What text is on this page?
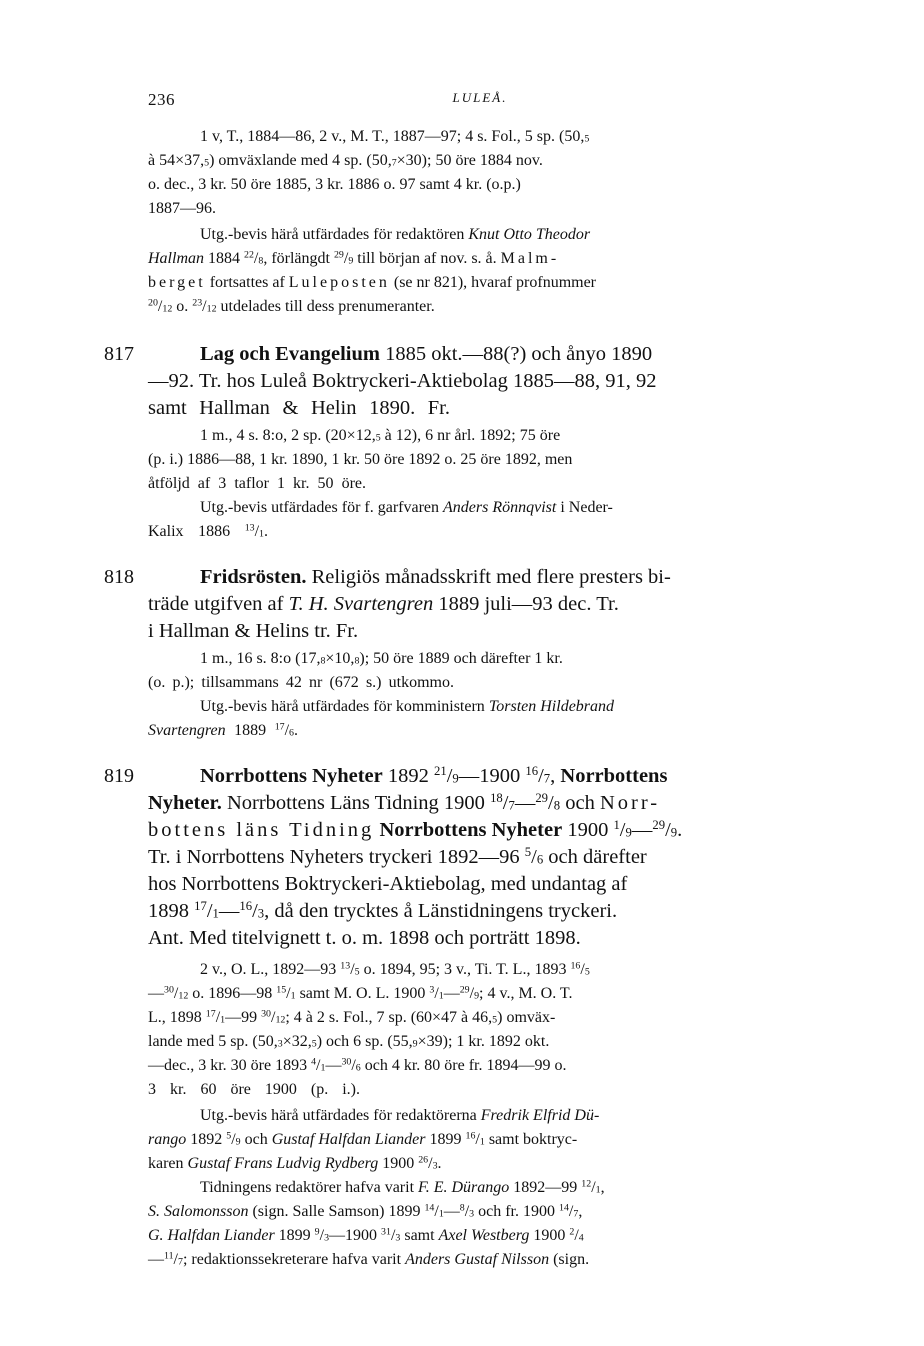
236	LULEÅ.
817
818
819
1 v, T., 1884—86, 2 v., M. T., 1887—97; 4 s. Fol., 5 sp. ($50,_5$
à $54\times 37,_5$) omväxlande med 4 sp. $(50,_7\times 30)$; 50 öre 1884 nov.
o. dec., 3 kr. 50 öre 1885, 3 kr. 1886 o. 97 samt 4 kr. (o.p.)
1887—96.
Utg.-bevis härå utfärdades för redaktören Knut Otto Theodor
Hallman 1884 $^{22}/_8$, förlängdt $^{29}/_9$ till början af nov. s. å. Malm-
berget fortsattes af Luleposten (se nr 821), hvaraf profnummer
$^{20}/_{12}$ o. $^{23}/_{12}$ utdelades till dess prenumeranter.
Lag och Evangelium 1885 okt.—88(?) och ånyo 1890
—92. Tr. hos Luleå Boktryckeri-Aktiebolag 1885—88, 91, 92
samt Hallman & Helin 1890. Fr.
1 m., 4 s. 8:o, 2 sp. ($20\times 12,_5$ à 12), 6 nr årl. 1892; 75 öre
(p. i.) 1886—88, 1 kr. 1890, 1 kr. 50 öre 1892 o. 25 öre 1892, men
åtföljd af 3 taflor 1 kr. 50 öre.
Utg.-bevis utfärdades för f. garfvaren Anders Rönnqvist i Neder-
Kalix 1886 $^{13}/_1$.
Fridsrösten. Religiös månadsskrift med flere presters bi-
träde utgifven af T. H. Svartengren 1889 juli—93 dec. Tr.
i Hallman & Helins tr. Fr.
1 m., 16 s. 8:o $(17,_8\times 10,_8)$; 50 öre 1889 och därefter 1 kr.
(o. p.); tillsammans 42 nr (672 s.) utkommo.
Utg.-bevis härå utfärdades för komministern Torsten Hildebrand
Svartengren 1889 $^{17}/_6$.
Norrbottens Nyheter 1892 $^{21}/_9—1900$ $^{16}/_7$, Norrbottens
Nyheter. Norrbottens Läns Tidning 1900 $^{18}/_7—^{29}/_8$ och Norr-
bottens läns Tidning Norrbottens Nyheter 1900 $^1/_9—^{29}/_9$.
Tr. i Norrbottens Nyheters tryckeri 1892—96 $^5/_6$ och därefter
hos Norrbottens Boktryckeri-Aktiebolag, med undantag af
1898 $^{17}/_1—^{16}/_3$, då den trycktes å Länstidningens tryckeri.
Ant. Med titelvignett t. o. m. 1898 och porträtt 1898.
2 v., O. L., 1892—93 $^{13}/_5$ o. 1894, 95; 3 v., Ti. T. L., 1893 $^{16}/_5$
$—^{30}/_{12}$ o. 1896—98 $^{15}/_1$ samt M. O. L. 1900 $^3/_1—^{29}/_9$; 4 v., M. O. T.
L., 1898 $^{17}/_1—99$ $^{30}/_{12}$; 4 à 2 s. Fol., 7 sp. (60×47 à $46,_5$) omväx-
lande med 5 sp. $(50,_3\times 32,_5)$ och 6 sp. $(55,_9\times 39)$; 1 kr. 1892 okt.
—dec., 3 kr. 30 öre 1893 $^4/_1—^{30}/_6$ och 4 kr. 80 öre fr. 1894—99 o.
3 kr. 60 öre 1900 (p. i.).
Utg.-bevis härå utfärdades för redaktörerna Fredrik Elfrid Dü-
rango 1892 $^5/_9$ och Gustaf Halfdan Liander 1899 $^{16}/_1$ samt boktryc-
karen Gustaf Frans Ludvig Rydberg 1900 $^{26}/_3$.
Tidningens redaktörer hafva varit F. E. Dürango 1892—99 $^{12}/_1$,
S. Salomonsson (sign. Salle Samson) 1899 $^{14}/_1—^8/_3$ och fr. 1900 $^{14}/_7$,
G. Halfdan Liander 1899 $^9/_3—1900$ $^{31}/_3$ samt Axel Westberg 1900 $^2/_4$
$—^{11}/_7$; redaktionssekreterare hafva varit Anders Gustaf Nilsson (sign.
